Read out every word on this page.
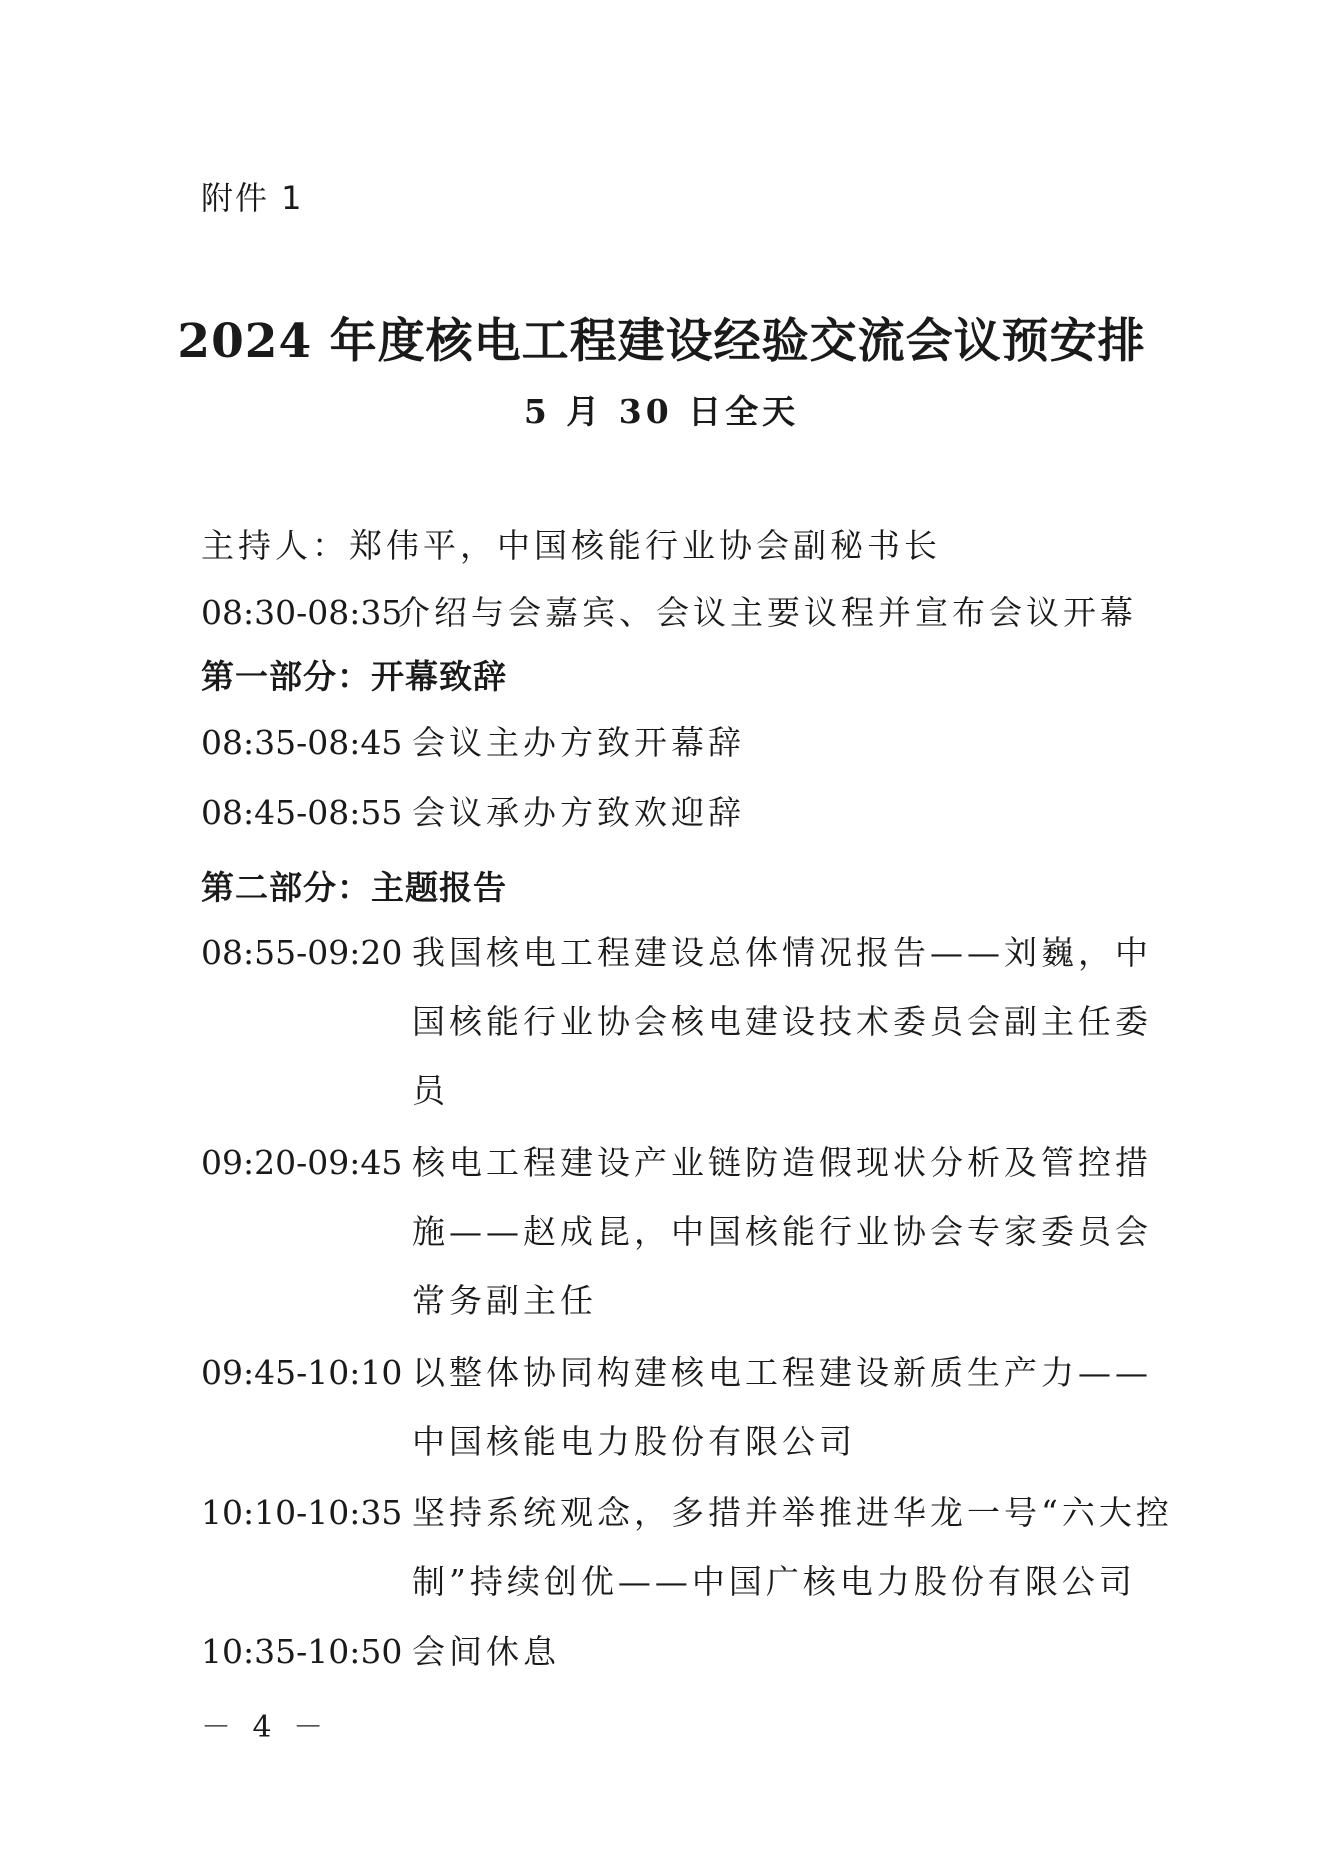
附件 1
2024 年度核电工程建设经验交流会议预安排
5 月 30 日全天
主持人：郑伟平，中国核能行业协会副秘书长
08:30-08:35
介绍与会嘉宾、会议主要议程并宣布会议开幕
第一部分：开幕致辞
08:35-08:45 会议主办方致开幕辞
08:45-08:55 会议承办方致欢迎辞
第二部分：主题报告
08:55-09:20 我国核电工程建设总体情况报告——刘巍，中
国核能行业协会核电建设技术委员会副主任委
员
09:20-09:45 核电工程建设产业链防造假现状分析及管控措
施——赵成昆，中国核能行业协会专家委员会
常务副主任
09:45-10:10 以整体协同构建核电工程建设新质生产力——
中国核能电力股份有限公司
10:10-10:35 坚持系统观念，多措并举推进华龙一号“六大控
制”持续创优——中国广核电力股份有限公司
10:35-10:50 会间休息
－ 4 －
